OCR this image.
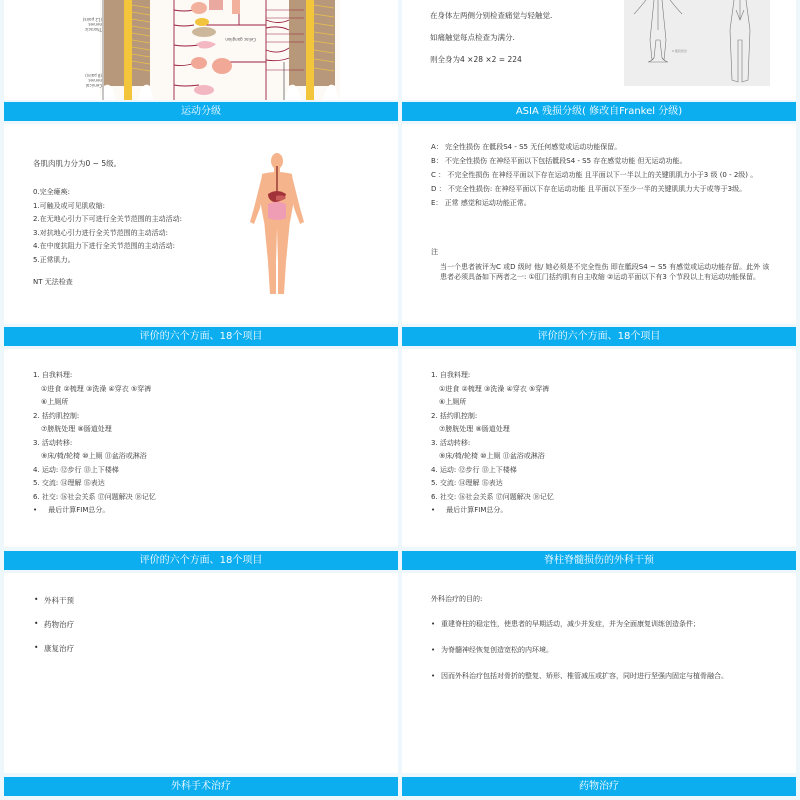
Thoracic
nerves
(12 pairs)
Cervical
nerves
(8 pairs)
Celiac ganglion

在身体左两侧分别检查痛觉与轻触觉.

如痛触觉每点检查为满分.

则全身为4 ×28 ×2 = 224

S 骶段感觉
运动分级	ASIA 残损分级( 修改自Frankel 分级)

各肌肉肌力分为0 ~ 5级。

0.完全瘫痪:

1.可触及或可见肌收缩:

2.在无地心引力下可进行全关节范围的主动活动:

3.对抗地心引力进行全关节范围的主动活动:

4.在中度抗阻力下进行全关节范围的主动活动:

5.正常肌力。

NT 无法检查

A： 完全性损伤 在骶段S4 - S5 无任何感觉或运动功能保留。

B： 不完全性损伤 在神经平面以下包括骶段S4 - S5 存在感觉功能 但无运动功能。

C ： 不完全性损伤 在神经平面以下存在运动功能 且平面以下一半以上的关键肌肌力小于3 级 (0 - 2级) 。

D ： 不完全性损伤: 在神经平面以下存在运动功能 且平面以下至少一半的关键肌肌力大于或等于3级。

E： 正常 感觉和运动功能正常。

注

当一个患者被评为C 或D 级时 他/ 她必须是不完全性伤 即在骶段S4 ~ S5 有感觉或运动功能存留。此外 该患者必须具备如下两者之一: ①肛门括约肌有自主收缩 ②运动平面以下有3 个节段以上有运动功能保留。

评价的六个方面、18个项目	评价的六个方面、18个项目

1. 自我料理:

①进食 ②梳理 ③洗澡 ④穿衣 ⑤穿裤

⑥上厕所

2. 括约肌控制:

⑦膀胱处理 ⑧肠道处理

3. 活动转移:

⑨床/椅/轮椅 ⑩上厕 ⑪盆浴或淋浴

4. 运动: ⑫步行 ⑬上下楼梯

5. 交流: ⑭理解 ⑮表达

6. 社交: ⑯社会关系 ⑰问题解决 ⑱记忆

•     最后计算FIM总分。

1. 自我料理:

①进食 ②梳理 ③洗澡 ④穿衣 ⑤穿裤

⑥上厕所

2. 括约肌控制:

⑦膀胱处理 ⑧肠道处理

3. 活动转移:

⑨床/椅/轮椅 ⑩上厕 ⑪盆浴或淋浴

4. 运动: ⑫步行 ⑬上下楼梯

5. 交流: ⑭理解 ⑮表达

6. 社交: ⑯社会关系 ⑰问题解决 ⑱记忆

•     最后计算FIM总分。

评价的六个方面、18个项目	脊柱脊髓损伤的外科干预
• 外科干预
• 药物治疗
• 康复治疗

外科治疗的目的:

• 重建脊柱的稳定性，使患者的早期活动，减少并发症，并为全面康复训练创造条件；
• 为脊髓神经恢复创造宽松的内环境。
• 因而外科治疗包括对骨折的整复、矫形、椎管减压或扩容，同时进行坚强内固定与植骨融合。
外科手术治疗	药物治疗
